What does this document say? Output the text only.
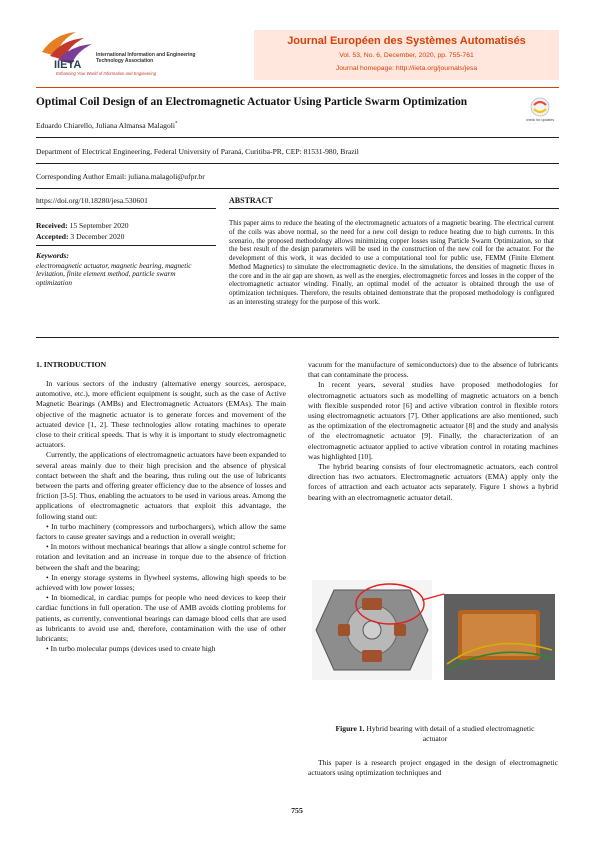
IIETA
International Information and Engineering Technology Association
Enhancing Your World of Information and Engineering
Journal Européen des Systèmes Automatisés
Vol. 53, No. 6, December, 2020, pp. 755-761
Journal homepage: http://iieta.org/journals/jesa
Optimal Coil Design of an Electromagnetic Actuator Using Particle Swarm Optimization
check for updates
Eduardo Chiarello, Juliana Almansa Malagoli*
Department of Electrical Engineering, Federal University of Paraná, Curitiba-PR, CEP: 81531-980, Brazil
Corresponding Author Email: juliana.malagoli@ufpr.br
https://doi.org/10.18280/jesa.530601	ABSTRACT
Received: 15 September 2020
Accepted: 3 December 2020
Keywords:
electromagnetic actuator, magnetic bearing, magnetic levitation, finite element method, particle swarm optimization
This paper aims to reduce the heating of the electromagnetic actuators of a magnetic bearing. The electrical current of the coils was above normal, so the need for a new coil design to reduce heating due to high currents. In this scenario, the proposed methodology allows minimizing copper losses using Particle Swarm Optimization, so that the best result of the design parameters will be used in the construction of the new coil for the actuator. For the development of this work, it was decided to use a computational tool for public use, FEMM (Finite Element Method Magnetics) to simulate the electromagnetic device. In the simulations, the densities of magnetic fluxes in the core and in the air gap are shown, as well as the energies, electromagnetic forces and losses in the copper of the electromagnetic actuator winding. Finally, an optimal model of the actuator is obtained through the use of optimization techniques. Therefore, the results obtained demonstrate that the proposed methodology is configured as an interesting strategy for the purpose of this work.
1. INTRODUCTION

In various sectors of the industry (alternative energy sources, aerospace, automotive, etc.), more efficient equipment is sought, such as the case of Active Magnetic Bearings (AMBs) and Electromagnetic Actuators (EMAs). The main objective of the magnetic actuator is to generate forces and movement of the actuated device [1, 2]. These technologies allow rotating machines to operate close to their critical speeds. That is why it is important to study electromagnetic actuators.

Currently, the applications of electromagnetic actuators have been expanded to several areas mainly due to their high precision and the absence of physical contact between the shaft and the bearing, thus ruling out the use of lubricants between the parts and offering greater efficiency due to the absence of losses and friction [3-5]. Thus, enabling the actuators to be used in various areas. Among the applications of electromagnetic actuators that exploit this advantage, the following stand out:

• In turbo machinery (compressors and turbochargers), which allow the same factors to cause greater savings and a reduction in overall weight;

• In motors without mechanical bearings that allow a single control scheme for rotation and levitation and an increase in torque due to the absence of friction between the shaft and the bearing;

• In energy storage systems in flywheel systems, allowing high speeds to be achieved with low power losses;

• In biomedical, in cardiac pumps for people who need devices to keep their cardiac functions in full operation. The use of AMB avoids clotting problems for patients, as currently, conventional bearings can damage blood cells that are used as lubricants to avoid use and, therefore, contamination with the use of other lubricants;

• In turbo molecular pumps (devices used to create high

vacuum for the manufacture of semiconductors) due to the absence of lubricants that can contaminate the process.

In recent years, several studies have proposed methodologies for electromagnetic actuators such as modelling of magnetic actuators on a bench with flexible suspended rotor [6] and active vibration control in flexible rotors using electromagnetic actuators [7]. Other applications are also mentioned, such as the optimization of the electromagnetic actuator [8] and the study and analysis of the electromagnetic actuator [9]. Finally, the characterization of an electromagnetic actuator applied to active vibration control in rotating machines was highlighted [10].

The hybrid bearing consists of four electromagnetic actuators, each control direction has two actuators. Electromagnetic actuators (EMA) apply only the forces of attraction and each actuator acts separately. Figure 1 shows a hybrid bearing with an electromagnetic actuator detail.

Figure 1. Hybrid bearing with detail of a studied electromagnetic actuator

This paper is a research project engaged in the design of electromagnetic actuators using optimization techniques and

755
